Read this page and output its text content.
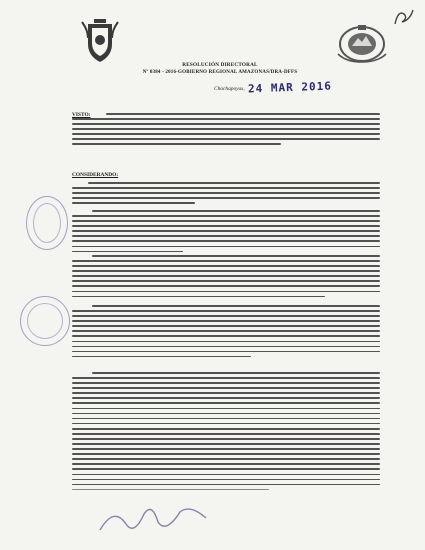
RESOLUCIÓN DIRECTORAL
Nº 0384 - 2016-GOBIERNO REGIONAL AMAZONAS/DRA-DFFS
Chachapoyas, 24 MAR 2016
VISTO:
CONSIDERANDO:
